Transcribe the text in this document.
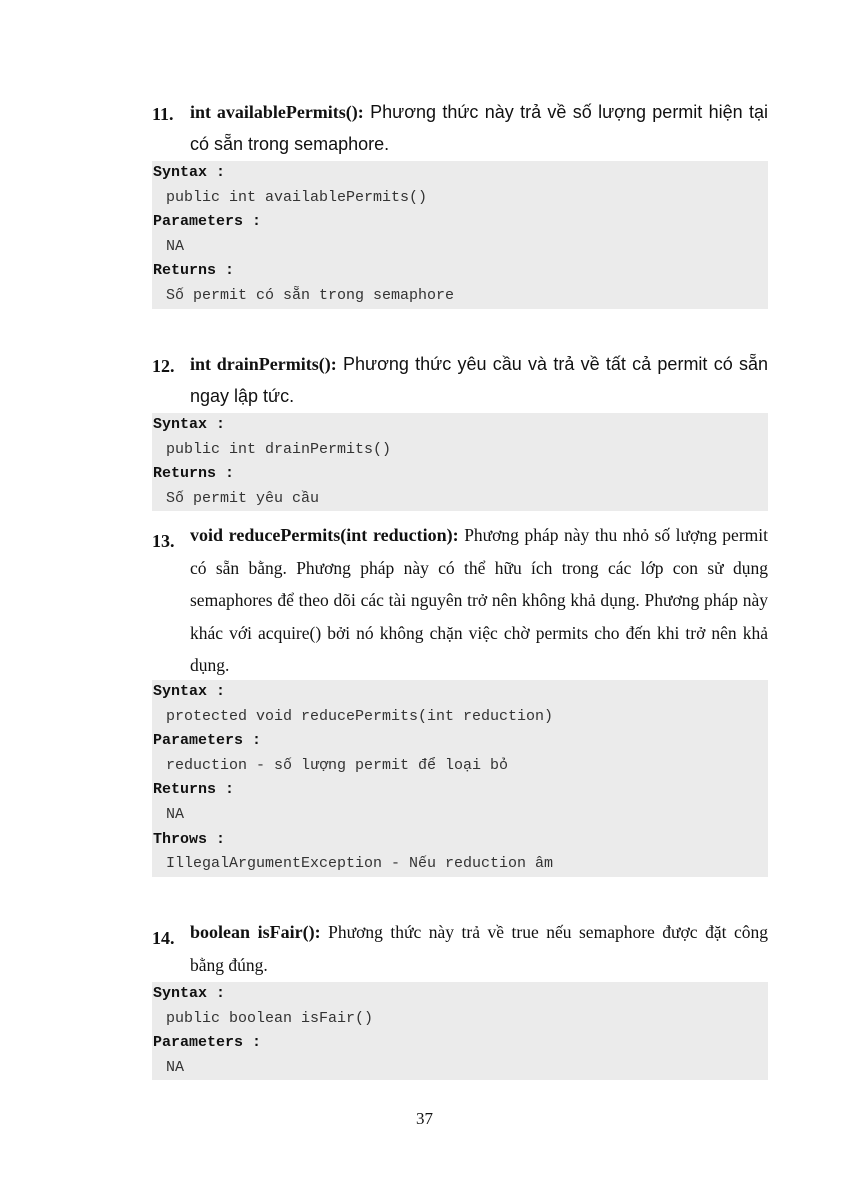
11. int availablePermits(): Phương thức này trả về số lượng permit hiện tại có sẵn trong semaphore.
Syntax :
public int availablePermits()
Parameters :
NA
Returns :
Số permit có sẵn trong semaphore
12. int drainPermits(): Phương thức yêu cầu và trả về tất cả permit có sẵn ngay lập tức.
Syntax :
public int drainPermits()
Returns :
Số permit yêu cầu
13. void reducePermits(int reduction): Phương pháp này thu nhỏ số lượng permit có sẵn bằng. Phương pháp này có thể hữu ích trong các lớp con sử dụng semaphores để theo dõi các tài nguyên trở nên không khả dụng. Phương pháp này khác với acquire() bởi nó không chặn việc chờ permits cho đến khi trở nên khả dụng.
Syntax :
protected void reducePermits(int reduction)
Parameters :
reduction - số lượng permit để loại bỏ
Returns :
NA
Throws :
IllegalArgumentException - Nếu reduction âm
14. boolean isFair(): Phương thức này trả về true nếu semaphore được đặt công bằng đúng.
Syntax :
public boolean isFair()
Parameters :
NA
37
